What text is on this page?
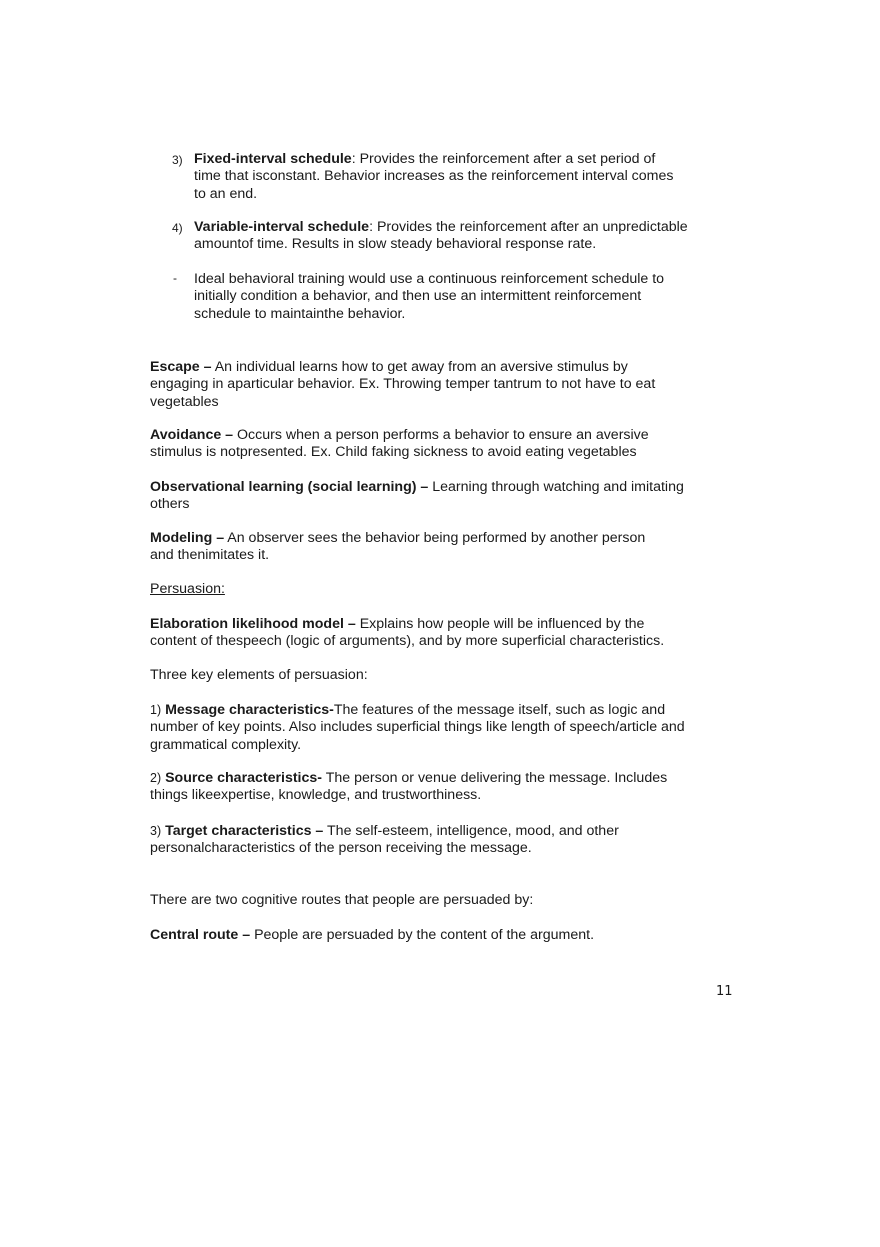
3) Fixed-interval schedule: Provides the reinforcement after a set period of
time that isconstant. Behavior increases as the reinforcement interval comes
to an end.
4) Variable-interval schedule: Provides the reinforcement after an unpredictable
amountof time. Results in slow steady behavioral response rate.
- Ideal behavioral training would use a continuous reinforcement schedule to
initially condition a behavior, and then use an intermittent reinforcement
schedule to maintainthe behavior.
Escape – An individual learns how to get away from an aversive stimulus by
engaging in aparticular behavior. Ex. Throwing temper tantrum to not have to eat
vegetables
Avoidance – Occurs when a person performs a behavior to ensure an aversive
stimulus is notpresented. Ex. Child faking sickness to avoid eating vegetables
Observational learning (social learning) – Learning through watching and imitating
others
Modeling – An observer sees the behavior being performed by another person
and thenimitates it.
Persuasion:
Elaboration likelihood model – Explains how people will be influenced by the
content of thespeech (logic of arguments), and by more superficial characteristics.
Three key elements of persuasion:
1) Message characteristics-The features of the message itself, such as logic and
number of key points. Also includes superficial things like length of speech/article and
grammatical complexity.
2) Source characteristics- The person or venue delivering the message. Includes
things likeexpertise, knowledge, and trustworthiness.
3) Target characteristics – The self-esteem, intelligence, mood, and other
personalcharacteristics of the person receiving the message.
There are two cognitive routes that people are persuaded by:
Central route – People are persuaded by the content of the argument.
11
